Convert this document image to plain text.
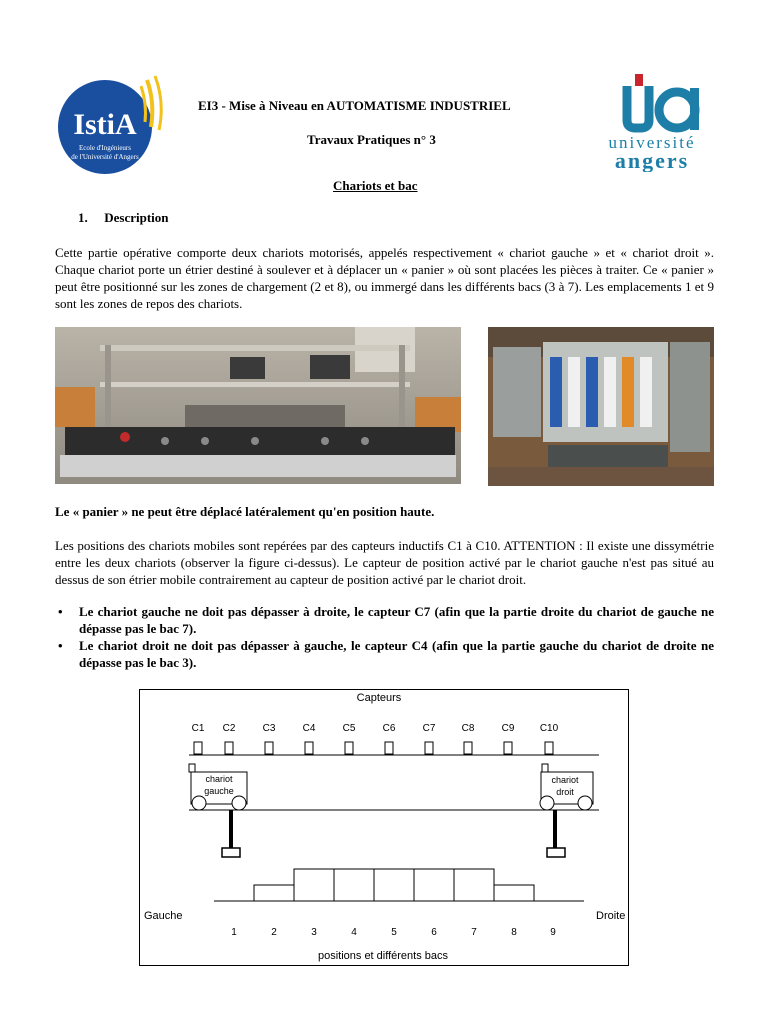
IstiA
Ecole d'Ingénieurs
de l'Université d'Angers
université
angers
EI3 - Mise à Niveau en AUTOMATISME INDUSTRIEL
Travaux Pratiques n° 3
Chariots et bac
1. Description
Cette partie opérative comporte deux chariots motorisés, appelés respectivement « chariot gauche » et « chariot droit ». Chaque chariot porte un étrier destiné à soulever et à déplacer un « panier » où sont placées les pièces à traiter. Ce « panier » peut être positionné sur les zones de chargement (2 et 8), ou immergé dans les différents bacs (3 à 7). Les emplacements 1 et 9 sont les zones de repos des chariots.
Le « panier » ne peut être déplacé latéralement qu'en position haute.
Les positions des chariots mobiles sont repérées par des capteurs inductifs C1 à C10. ATTENTION : Il existe une dissymétrie entre les deux chariots (observer la figure ci-dessus). Le capteur de position activé par le chariot gauche n'est pas situé au dessus de son étrier mobile contrairement au capteur de position activé par le chariot droit.
• Le chariot gauche ne doit pas dépasser à droite, le capteur C7 (afin que la partie droite du chariot de gauche ne dépasse pas le bac 7).
• Le chariot droit ne doit pas dépasser à gauche, le capteur C4 (afin que la partie gauche du chariot de droite ne dépasse pas le bac 3).
Capteurs
C1 C2	C3	C4	C5	C6	C7	C8	C9	C10
chariot
gauche
chariot
droit
Gauche	Droite
1	2	3	4	5	6	7	8	9
positions et différents bacs
